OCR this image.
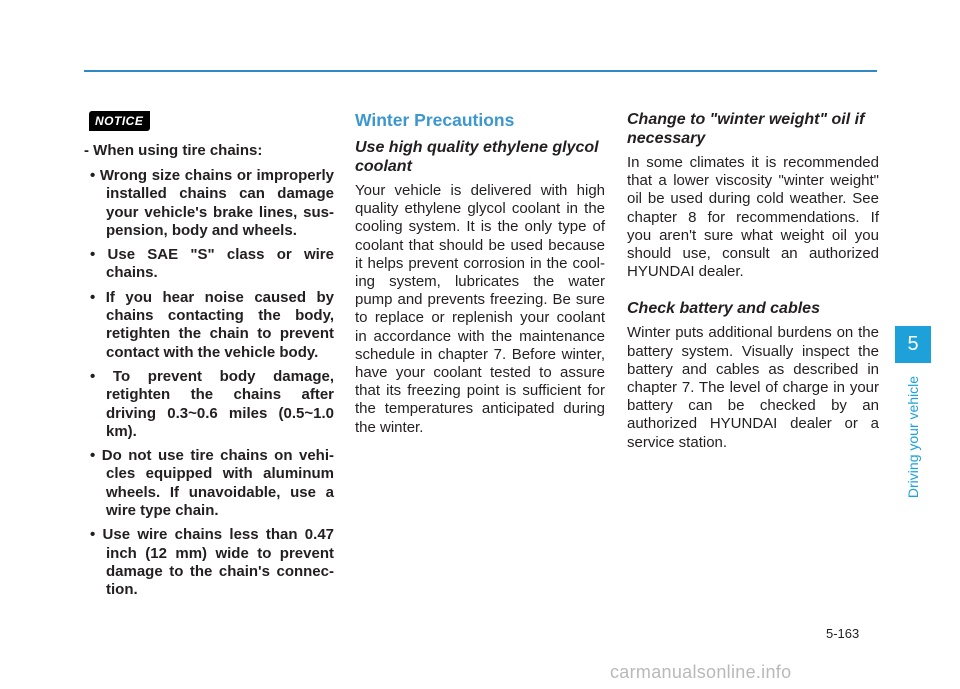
NOTICE
- When using tire chains:
• Wrong size chains or improperly installed chains can damage your vehicle's brake lines, sus-pension, body and wheels.
• Use SAE "S" class or wire chains.
• If you hear noise caused by chains contacting the body, retighten the chain to prevent contact with the vehicle body.
• To prevent body damage, retighten the chains after driving 0.3~0.6 miles (0.5~1.0 km).
• Do not use tire chains on vehi-cles equipped with aluminum wheels. If unavoidable, use a wire type chain.
• Use wire chains less than 0.47 inch (12 mm) wide to prevent damage to the chain's connec-tion.
Winter Precautions
Use high quality ethylene glycol coolant

Your vehicle is delivered with high quality ethylene glycol coolant in the cooling system. It is the only type of coolant that should be used because it helps prevent corrosion in the cool-ing system, lubricates the water pump and prevents freezing. Be sure to replace or replenish your coolant in accordance with the maintenance schedule in chapter 7. Before winter, have your coolant tested to assure that its freezing point is sufficient for the temperatures anticipated during the winter.

Change to "winter weight" oil if necessary

In some climates it is recommended that a lower viscosity "winter weight" oil be used during cold weather. See chapter 8 for recommendations. If you aren't sure what weight oil you should use, consult an authorized HYUNDAI dealer.

Check battery and cables

Winter puts additional burdens on the battery system. Visually inspect the battery and cables as described in chapter 7. The level of charge in your battery can be checked by an authorized HYUNDAI dealer or a service station.

5
Driving your vehicle
5-163
carmanualsonline.info
